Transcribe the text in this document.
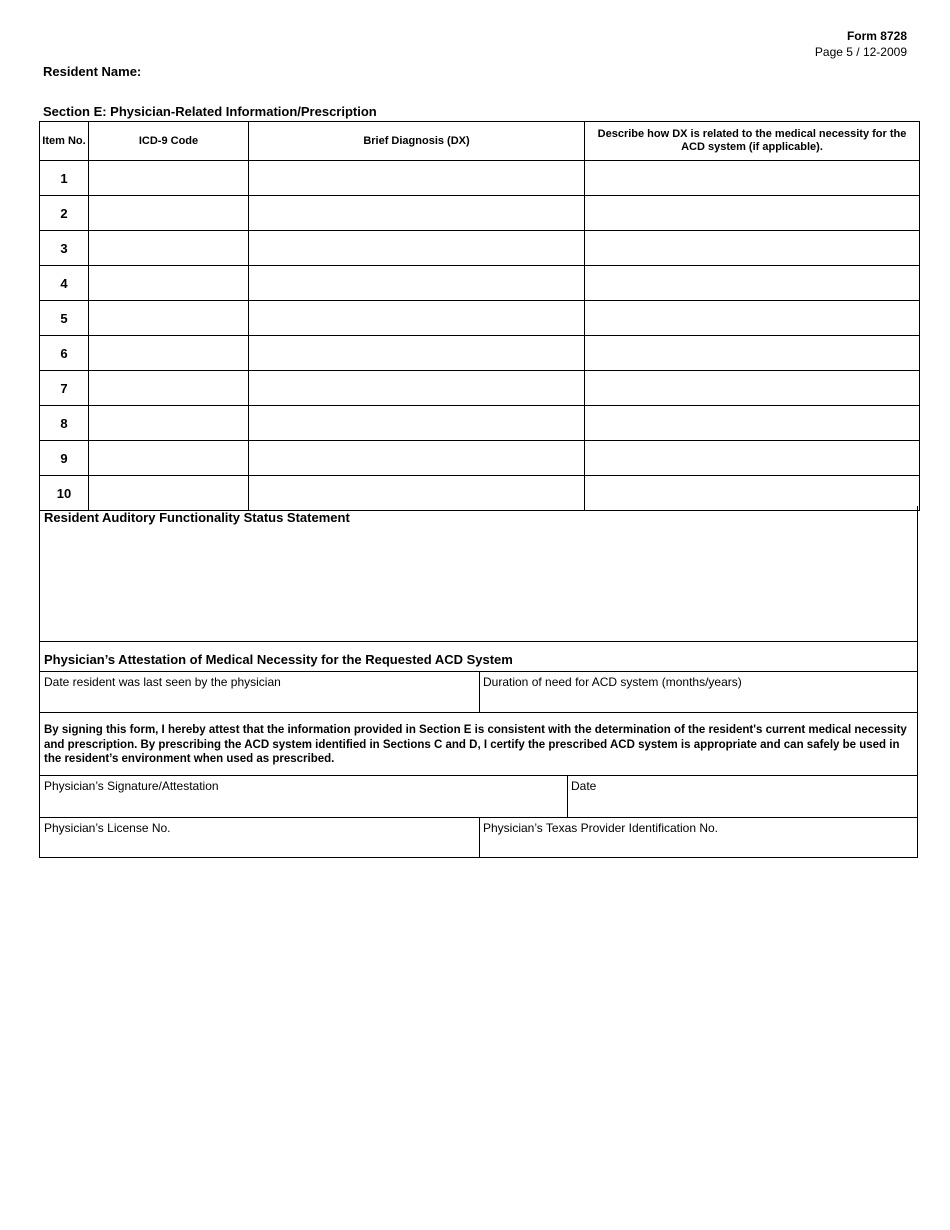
Form 8728
Page 5 / 12-2009
Resident Name:
Section E: Physician-Related Information/Prescription
Item No.	ICD-9 Code	Brief Diagnosis (DX)	Describe how DX is related to the medical necessity for the ACD system (if applicable).
1			
2			
3			
4			
5			
6			
7			
8			
9			
10			
Resident Auditory Functionality Status Statement
Physician’s Attestation of Medical Necessity for the Requested ACD System
Date resident was last seen by the physician	Duration of need for ACD system (months/years)
By signing this form, I hereby attest that the information provided in Section E is consistent with the determination of the resident's current medical necessity and prescription. By prescribing the ACD system identified in Sections C and D, I certify the prescribed ACD system is appropriate and can safely be used in the resident’s environment when used as prescribed.
Physician’s Signature/Attestation	Date
Physician’s License No.	Physician’s Texas Provider Identification No.
